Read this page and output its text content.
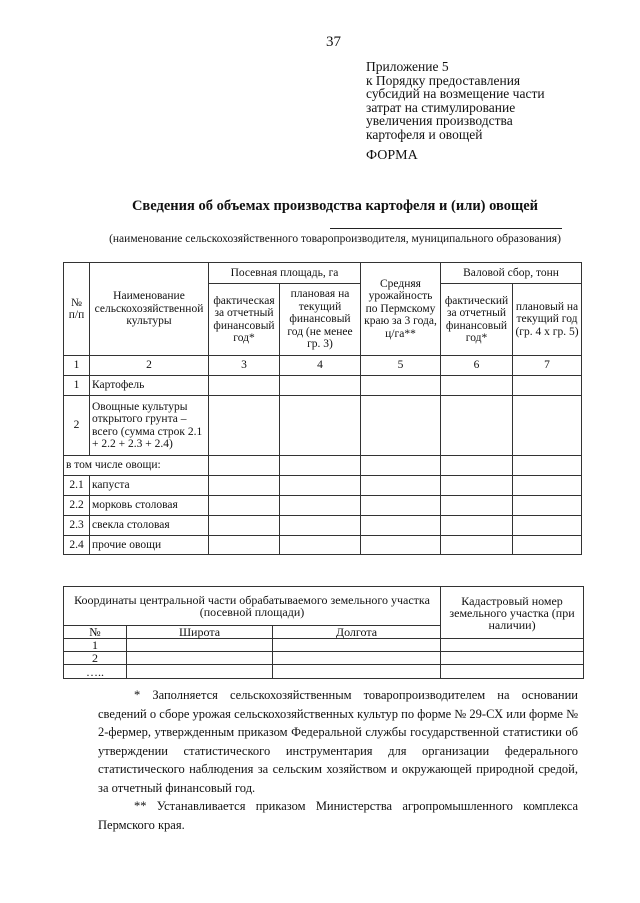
37
Приложение 5
к Порядку предоставления
субсидий на возмещение части
затрат на стимулирование
увеличения производства
картофеля и овощей
ФОРМА
Сведения об объемах производства картофеля и (или) овощей
(наименование сельскохозяйственного товаропроизводителя, муниципального образования)
№ п/п	Наименование сельскохозяйственной культуры	Посевная площадь, га		Средняя урожайность по Пермскому краю за 3 года, ц/га**	Валовой сбор, тонн	
		фактическая за отчетный финансовый год*	плановая на текущий финансовый год (не менее гр. 3)		фактический за отчетный финансовый год*	плановый на текущий год (гр. 4 х гр. 5)
1	2	3	4	5	6	7
1	Картофель					
2	Овощные культуры открытого грунта – всего (сумма строк 2.1 + 2.2 + 2.3 + 2.4)					
в том числе овощи:						
2.1	капуста					
2.2	морковь столовая					
2.3	свекла столовая					
2.4	прочие овощи					
Координаты центральной части обрабатываемого земельного участка (посевной площади)			Кадастровый номер земельного участка (при наличии)
№	Широта	Долгота	
1			
2			
…..			

* Заполняется сельскохозяйственным товаропроизводителем на основании сведений о сборе урожая сельскохозяйственных культур по форме № 29-СХ или форме № 2-фермер, утвержденным приказом Федеральной службы государственной статистики об утверждении статистического инструментария для организации федерального статистического наблюдения за сельским хозяйством и окружающей природной средой, за отчетный финансовый год.

** Устанавливается приказом Министерства агропромышленного комплекса Пермского края.
